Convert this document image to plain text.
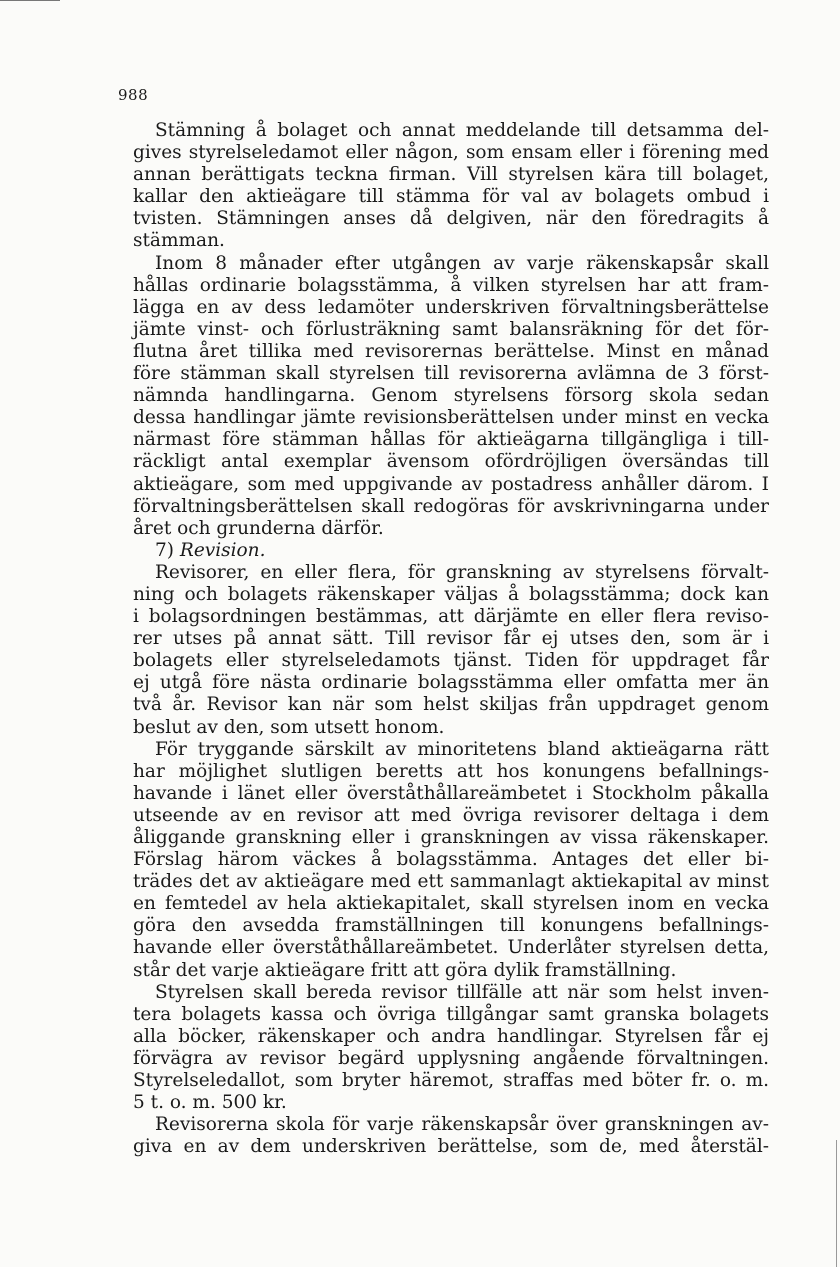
988
Stämning å bolaget och annat meddelande till detsamma del-
gives styrelseledamot eller någon, som ensam eller i förening med
annan berättigats teckna firman. Vill styrelsen kära till bolaget,
kallar den aktieägare till stämma för val av bolagets ombud i
tvisten. Stämningen anses då delgiven, när den föredragits å
stämman.
Inom 8 månader efter utgången av varje räkenskapsår skall
hållas ordinarie bolagsstämma, å vilken styrelsen har att fram-
lägga en av dess ledamöter underskriven förvaltningsberättelse
jämte vinst- och förlusträkning samt balansräkning för det för-
flutna året tillika med revisorernas berättelse. Minst en månad
före stämman skall styrelsen till revisorerna avlämna de 3 först-
nämnda handlingarna. Genom styrelsens försorg skola sedan
dessa handlingar jämte revisionsberättelsen under minst en vecka
närmast före stämman hållas för aktieägarna tillgängliga i till-
räckligt antal exemplar ävensom ofördröjligen översändas till
aktieägare, som med uppgivande av postadress anhåller därom. I
förvaltningsberättelsen skall redogöras för avskrivningarna under
året och grunderna därför.
7) Revision.
Revisorer, en eller flera, för granskning av styrelsens förvalt-
ning och bolagets räkenskaper väljas å bolagsstämma; dock kan
i bolagsordningen bestämmas, att därjämte en eller flera reviso-
rer utses på annat sätt. Till revisor får ej utses den, som är i
bolagets eller styrelseledamots tjänst. Tiden för uppdraget får
ej utgå före nästa ordinarie bolagsstämma eller omfatta mer än
två år. Revisor kan när som helst skiljas från uppdraget genom
beslut av den, som utsett honom.
För tryggande särskilt av minoritetens bland aktieägarna rätt
har möjlighet slutligen beretts att hos konungens befallnings-
havande i länet eller överståthållareämbetet i Stockholm påkalla
utseende av en revisor att med övriga revisorer deltaga i dem
åliggande granskning eller i granskningen av vissa räkenskaper.
Förslag härom väckes å bolagsstämma. Antages det eller bi-
trädes det av aktieägare med ett sammanlagt aktiekapital av minst
en femtedel av hela aktiekapitalet, skall styrelsen inom en vecka
göra den avsedda framställningen till konungens befallnings-
havande eller överståthållareämbetet. Underlåter styrelsen detta,
står det varje aktieägare fritt att göra dylik framställning.
Styrelsen skall bereda revisor tillfälle att när som helst inven-
tera bolagets kassa och övriga tillgångar samt granska bolagets
alla böcker, räkenskaper och andra handlingar. Styrelsen får ej
förvägra av revisor begärd upplysning angående förvaltningen.
Styrelseledallot, som bryter häremot, straffas med böter fr. o. m.
5 t. o. m. 500 kr.
Revisorerna skola för varje räkenskapsår över granskningen av-
giva en av dem underskriven berättelse, som de, med återstäl-
